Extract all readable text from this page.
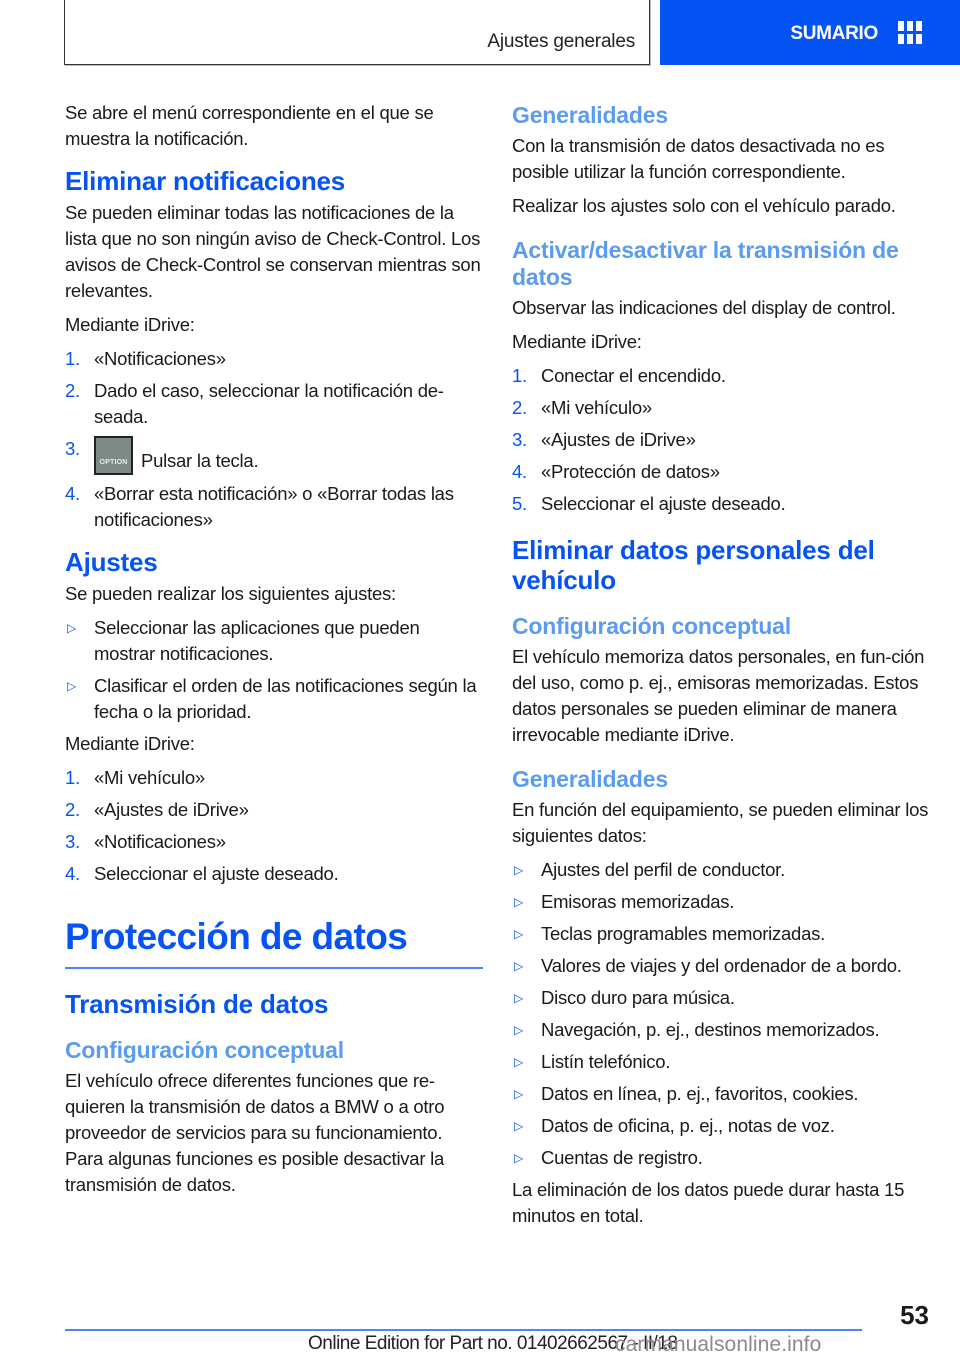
Ajustes generales	SUMARIO

Se abre el menú correspondiente en el que se muestra la notificación.

Eliminar notificaciones

Se pueden eliminar todas las notificaciones de la lista que no son ningún aviso de Check-Control. Los avisos de Check-Control se conservan mientras son relevantes.

Mediante iDrive:

1. «Notificaciones»
2. Dado el caso, seleccionar la notificación de-seada.
3.
OPTION Pulsar la tecla.
4. «Borrar esta notificación» o «Borrar todas las notificaciones»
Ajustes

Se pueden realizar los siguientes ajustes:

▷ Seleccionar las aplicaciones que pueden mostrar notificaciones.
▷ Clasificar el orden de las notificaciones según la fecha o la prioridad.

Mediante iDrive:

1. «Mi vehículo»
2. «Ajustes de iDrive»
3. «Notificaciones»
4. Seleccionar el ajuste deseado.
Protección de datos
Transmisión de datos
Configuración conceptual

El vehículo ofrece diferentes funciones que re-quieren la transmisión de datos a BMW o a otro proveedor de servicios para su funcionamiento. Para algunas funciones es posible desactivar la transmisión de datos.

Generalidades

Con la transmisión de datos desactivada no es posible utilizar la función correspondiente.

Realizar los ajustes solo con el vehículo parado.

Activar/desactivar la transmisión de datos

Observar las indicaciones del display de control.

Mediante iDrive:

1. Conectar el encendido.
2. «Mi vehículo»
3. «Ajustes de iDrive»
4. «Protección de datos»
5. Seleccionar el ajuste deseado.
Eliminar datos personales del vehículo
Configuración conceptual

El vehículo memoriza datos personales, en fun-ción del uso, como p. ej., emisoras memorizadas. Estos datos personales se pueden eliminar de manera irrevocable mediante iDrive.

Generalidades

En función del equipamiento, se pueden eliminar los siguientes datos:

▷ Ajustes del perfil de conductor.
▷ Emisoras memorizadas.
▷ Teclas programables memorizadas.
▷ Valores de viajes y del ordenador de a bordo.
▷ Disco duro para música.
▷ Navegación, p. ej., destinos memorizados.
▷ Listín telefónico.
▷ Datos en línea, p. ej., favoritos, cookies.
▷ Datos de oficina, p. ej., notas de voz.
▷ Cuentas de registro.

La eliminación de los datos puede durar hasta 15 minutos en total.

53
Online Edition for Part no. 01402662567 - II/18
carmanualsonline.info
